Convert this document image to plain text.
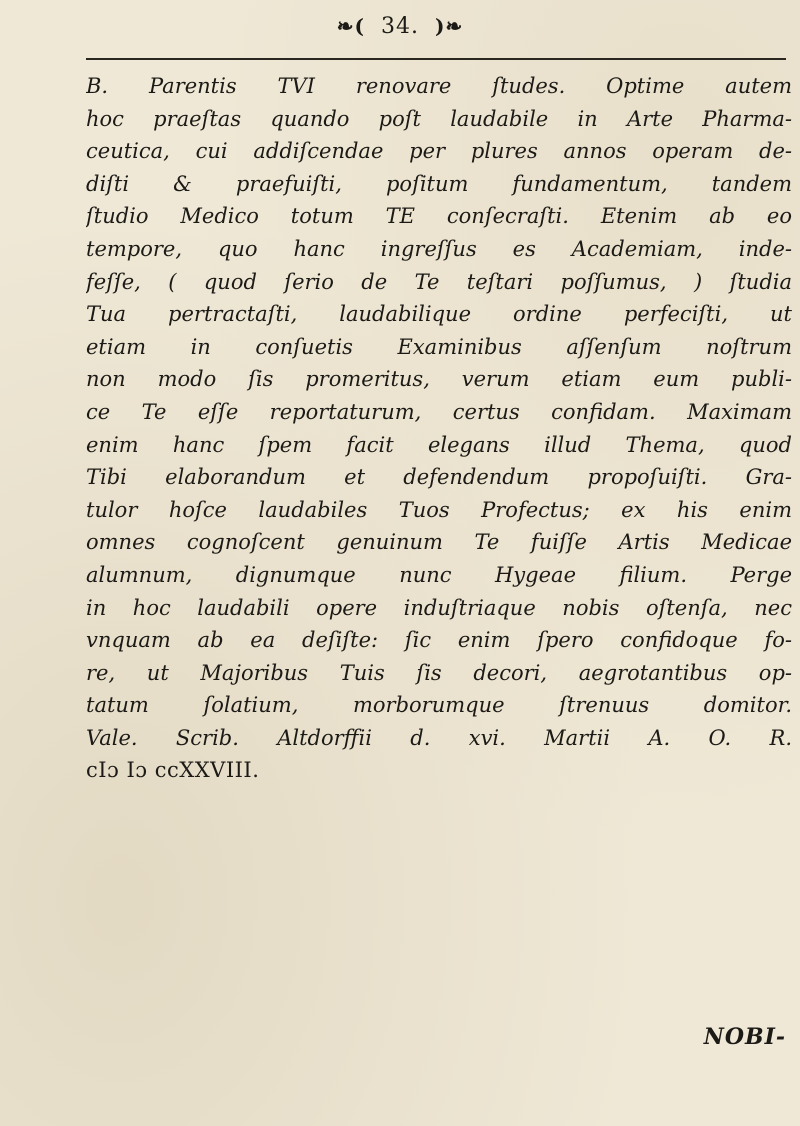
❧( 34. )❧
B. Parentis TVI renovare ſtudes. Optime autem
hoc praeſtas quando poſt laudabile in Arte Pharma-
ceutica, cui addiſcendae per plures annos operam de-
diſti & praefuiſti, poſitum fundamentum, tandem
ſtudio Medico totum TE conſecraſti. Etenim ab eo
tempore, quo hanc ingreſſus es Academiam, inde-
feſſe, ( quod ſerio de Te teſtari poſſumus, ) ſtudia
Tua pertractaſti, laudabilique ordine perfeciſti, ut
etiam in conſuetis Examinibus aſſenſum noſtrum
non modo ſis promeritus, verum etiam eum publi-
ce Te eſſe reportaturum, certus confidam. Maximam
enim hanc ſpem facit elegans illud Thema, quod
Tibi elaborandum et defendendum propoſuiſti. Gra-
tulor hoſce laudabiles Tuos Profectus; ex his enim
omnes cognoſcent genuinum Te fuiſſe Artis Medicae
alumnum, dignumque nunc Hygeae filium. Perge
in hoc laudabili opere induſtriaque nobis oſtenſa, nec
vnquam ab ea deſiſte: ſic enim ſpero confidoque fo-
re, ut Majoribus Tuis ſis decori, aegrotantibus op-
tatum ſolatium, morborumque ſtrenuus domitor.
Vale. Scrib. Altdorffii d. xvi. Martii A. O. R.
cIɔ Iɔ ccXXVIII.
NOBI-
